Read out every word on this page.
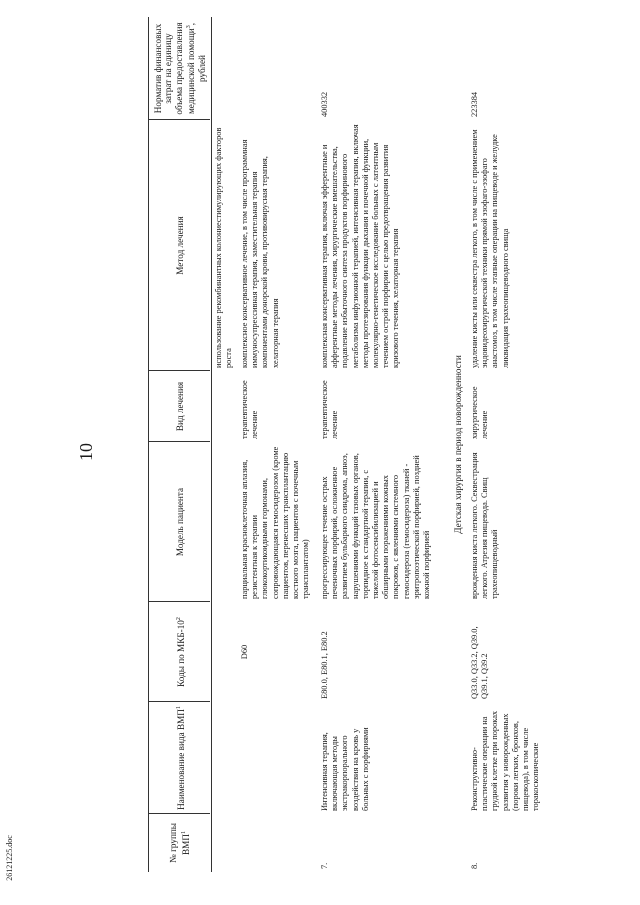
10
26121225.doc	№ группы ВМП$^1$
Наименование вида ВМП$^1$
Коды по МКБ-$10^2$
Модель пациента
Вид лечения
Метод лечения
Норматив финансовых затрат на единицу объема предоставления медицинской помощи$^3$, рублей
использование рекомбинантных колониестимулирующих факторов роста
D60
парциальная красноклеточная аплазия, резистентная к терапии глюкокортикоидными гормонами, сопровождающаяся гемосидерозом (кроме пациентов, перенесших трансплантацию костного мозга, пациентов с почечным трансплантатом)
терапевтическое лечение
комплексное консервативное лечение, в том числе программная иммуносупрессивная терапия, заместительная терапия компонентами донорской крови, противовирусная терапия, хелаторная терапия
7.
Интенсивная терапия, включающая методы экстракорпорального воздействия на кровь у больных с порфириями
E80.0, E80.1, E80.2
прогрессирующее течение острых печеночных порфирий, осложненное развитием бульбарного синдрома, апноэ, нарушениями функций тазовых органов, торпидное к стандартной терапии, с тяжелой фотосенсибилизацией и обширными поражениями кожных покровов, с явлениями системного гемосидероза (гемосидероза) тканей - эритропоэтической порфирией, поздней кожной порфирией
терапевтическое лечение
комплексная консервативная терапия, включая эфферентные и афферентные методы лечения, хирургические вмешательства, подавление избыточного синтеза продуктов порфиринового метаболизма инфузионной терапией, интенсивная терапия, включая методы протезирования функции дыхания и почечной функции, молекулярно-генетическое исследование больных с латентным течением острой порфирии с целью предотвращения развития кризового течения, хелаторная терапия
400332
Детская хирургия в период новорожденности
8.
Реконструктивно-пластические операции на грудной клетке при пороках развития у новорожденных (пороки легких, бронхов, пищевода), в том числе торакоскопические
Q33.0, Q33.2, Q39.0, Q39.1, Q39.2
врожденная киста легкого. Секвестрация легкого. Атрезия пищевода. Свищ трахеопищеводный
хирургическое лечение
удаление кисты или секвестра легкого, в том числе с применением эндовидеохирургической техники прямой эзофаго-эзофаго анастомоз, в том числе этапные операции на пищеводе и желудке ликвидация трахеопищеводного свища
223384
